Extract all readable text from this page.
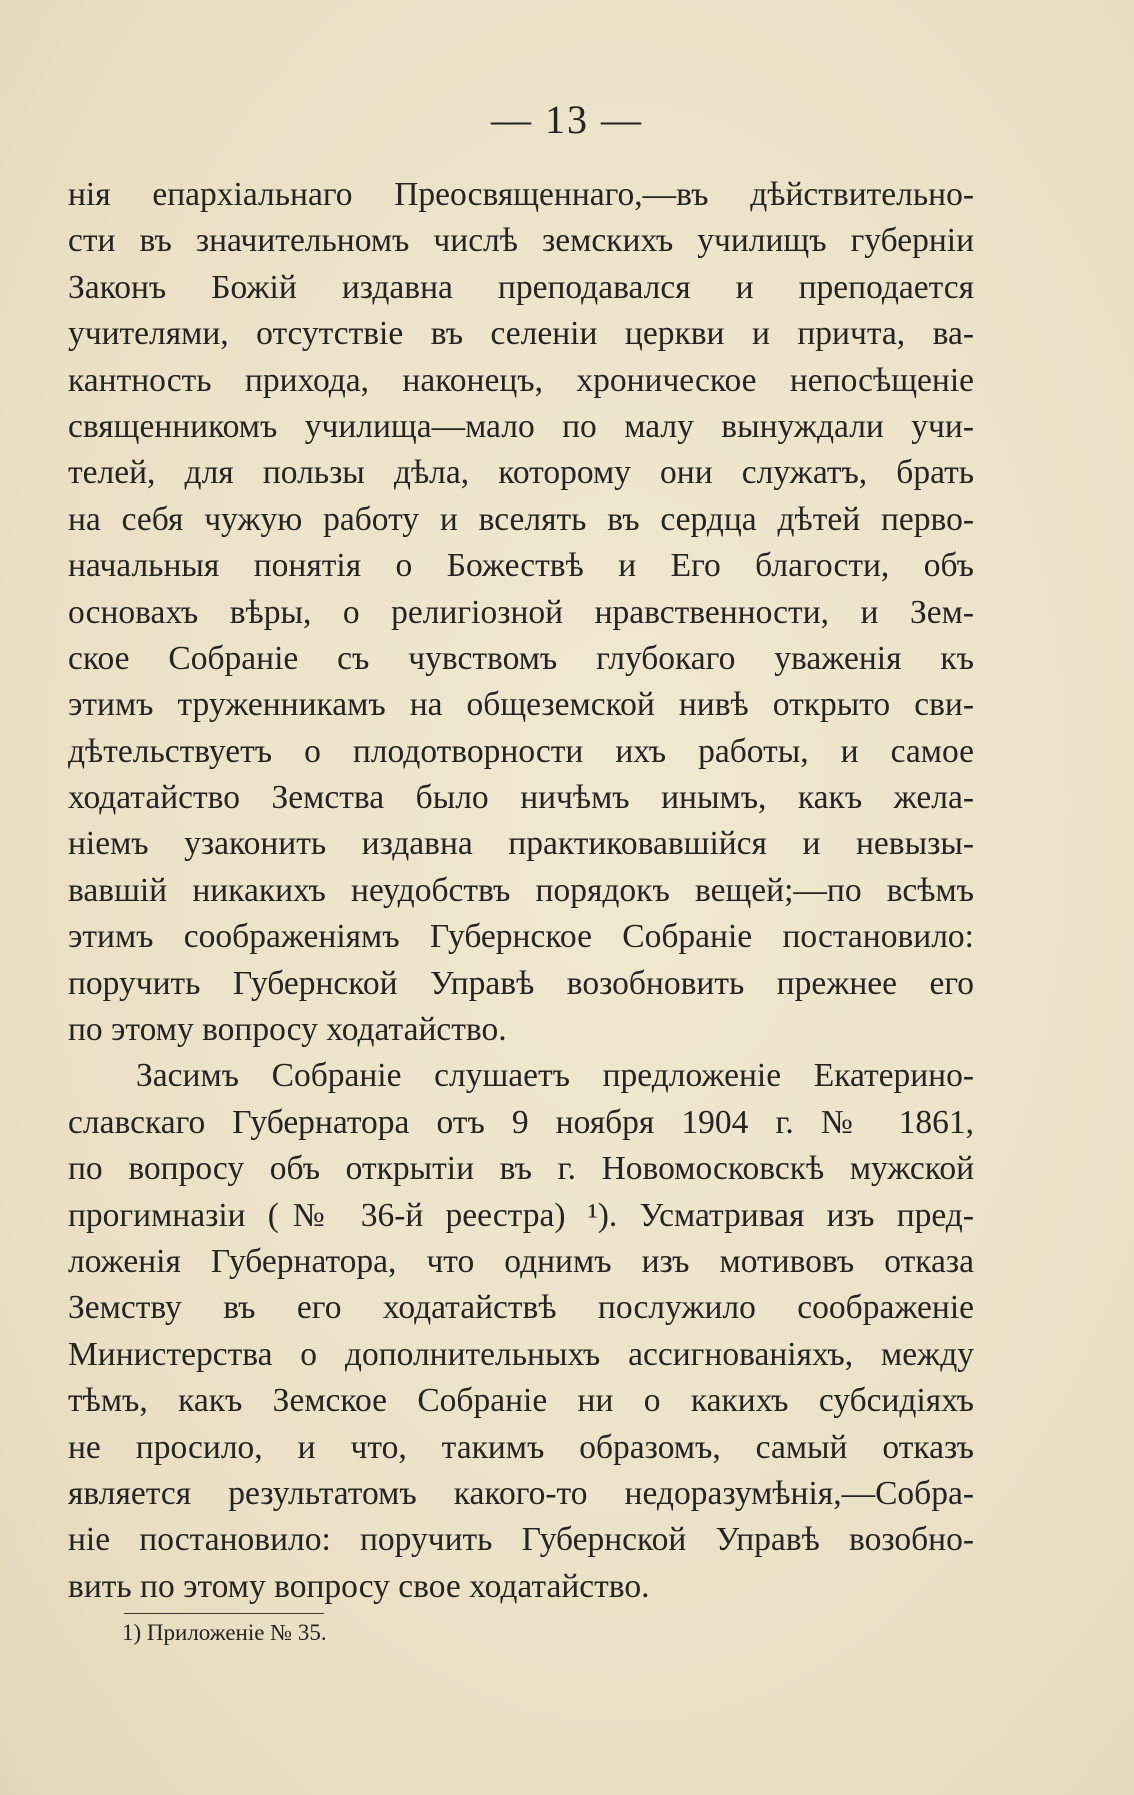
— 13 —
нія епархіальнаго Преосвященнаго,—въ дѣйствительно-
сти въ значительномъ числѣ земскихъ училищъ губерніи
Законъ Божій издавна преподавался и преподается
учителями, отсутствіе въ селеніи церкви и причта, ва-
кантность прихода, наконецъ, хроническое непосѣщеніе
священникомъ училища—мало по малу вынуждали учи-
телей, для пользы дѣла, которому они служатъ, брать
на себя чужую работу и вселять въ сердца дѣтей перво-
начальныя понятія о Божествѣ и Его благости, объ
основахъ вѣры, о религіозной нравственности, и Зем-
ское Собраніе съ чувствомъ глубокаго уваженія къ
этимъ труженникамъ на общеземской нивѣ открыто сви-
дѣтельствуетъ о плодотворности ихъ работы, и самое
ходатайство Земства было ничѣмъ инымъ, какъ жела-
ніемъ узаконить издавна практиковавшійся и невызы-
вавшій никакихъ неудобствъ порядокъ вещей;—по всѣмъ
этимъ соображеніямъ Губернское Собраніе постановило:
поручить Губернской Управѣ возобновить прежнее его
по этому вопросу ходатайство.
Засимъ Собраніе слушаетъ предложеніе Екатерино-
славскаго Губернатора отъ 9 ноября 1904 г. № 1861,
по вопросу объ открытіи въ г. Новомосковскѣ мужской
прогимназіи (№ 36-й реестра) ¹). Усматривая изъ пред-
ложенія Губернатора, что однимъ изъ мотивовъ отказа
Земству въ его ходатайствѣ послужило соображеніе
Министерства о дополнительныхъ ассигнованіяхъ, между
тѣмъ, какъ Земское Собраніе ни о какихъ субсидіяхъ
не просило, и что, такимъ образомъ, самый отказъ
является результатомъ какого-то недоразумѣнія,—Собра-
ніе постановило: поручить Губернской Управѣ возобно-
вить по этому вопросу свое ходатайство.
1) Приложеніе № 35.
